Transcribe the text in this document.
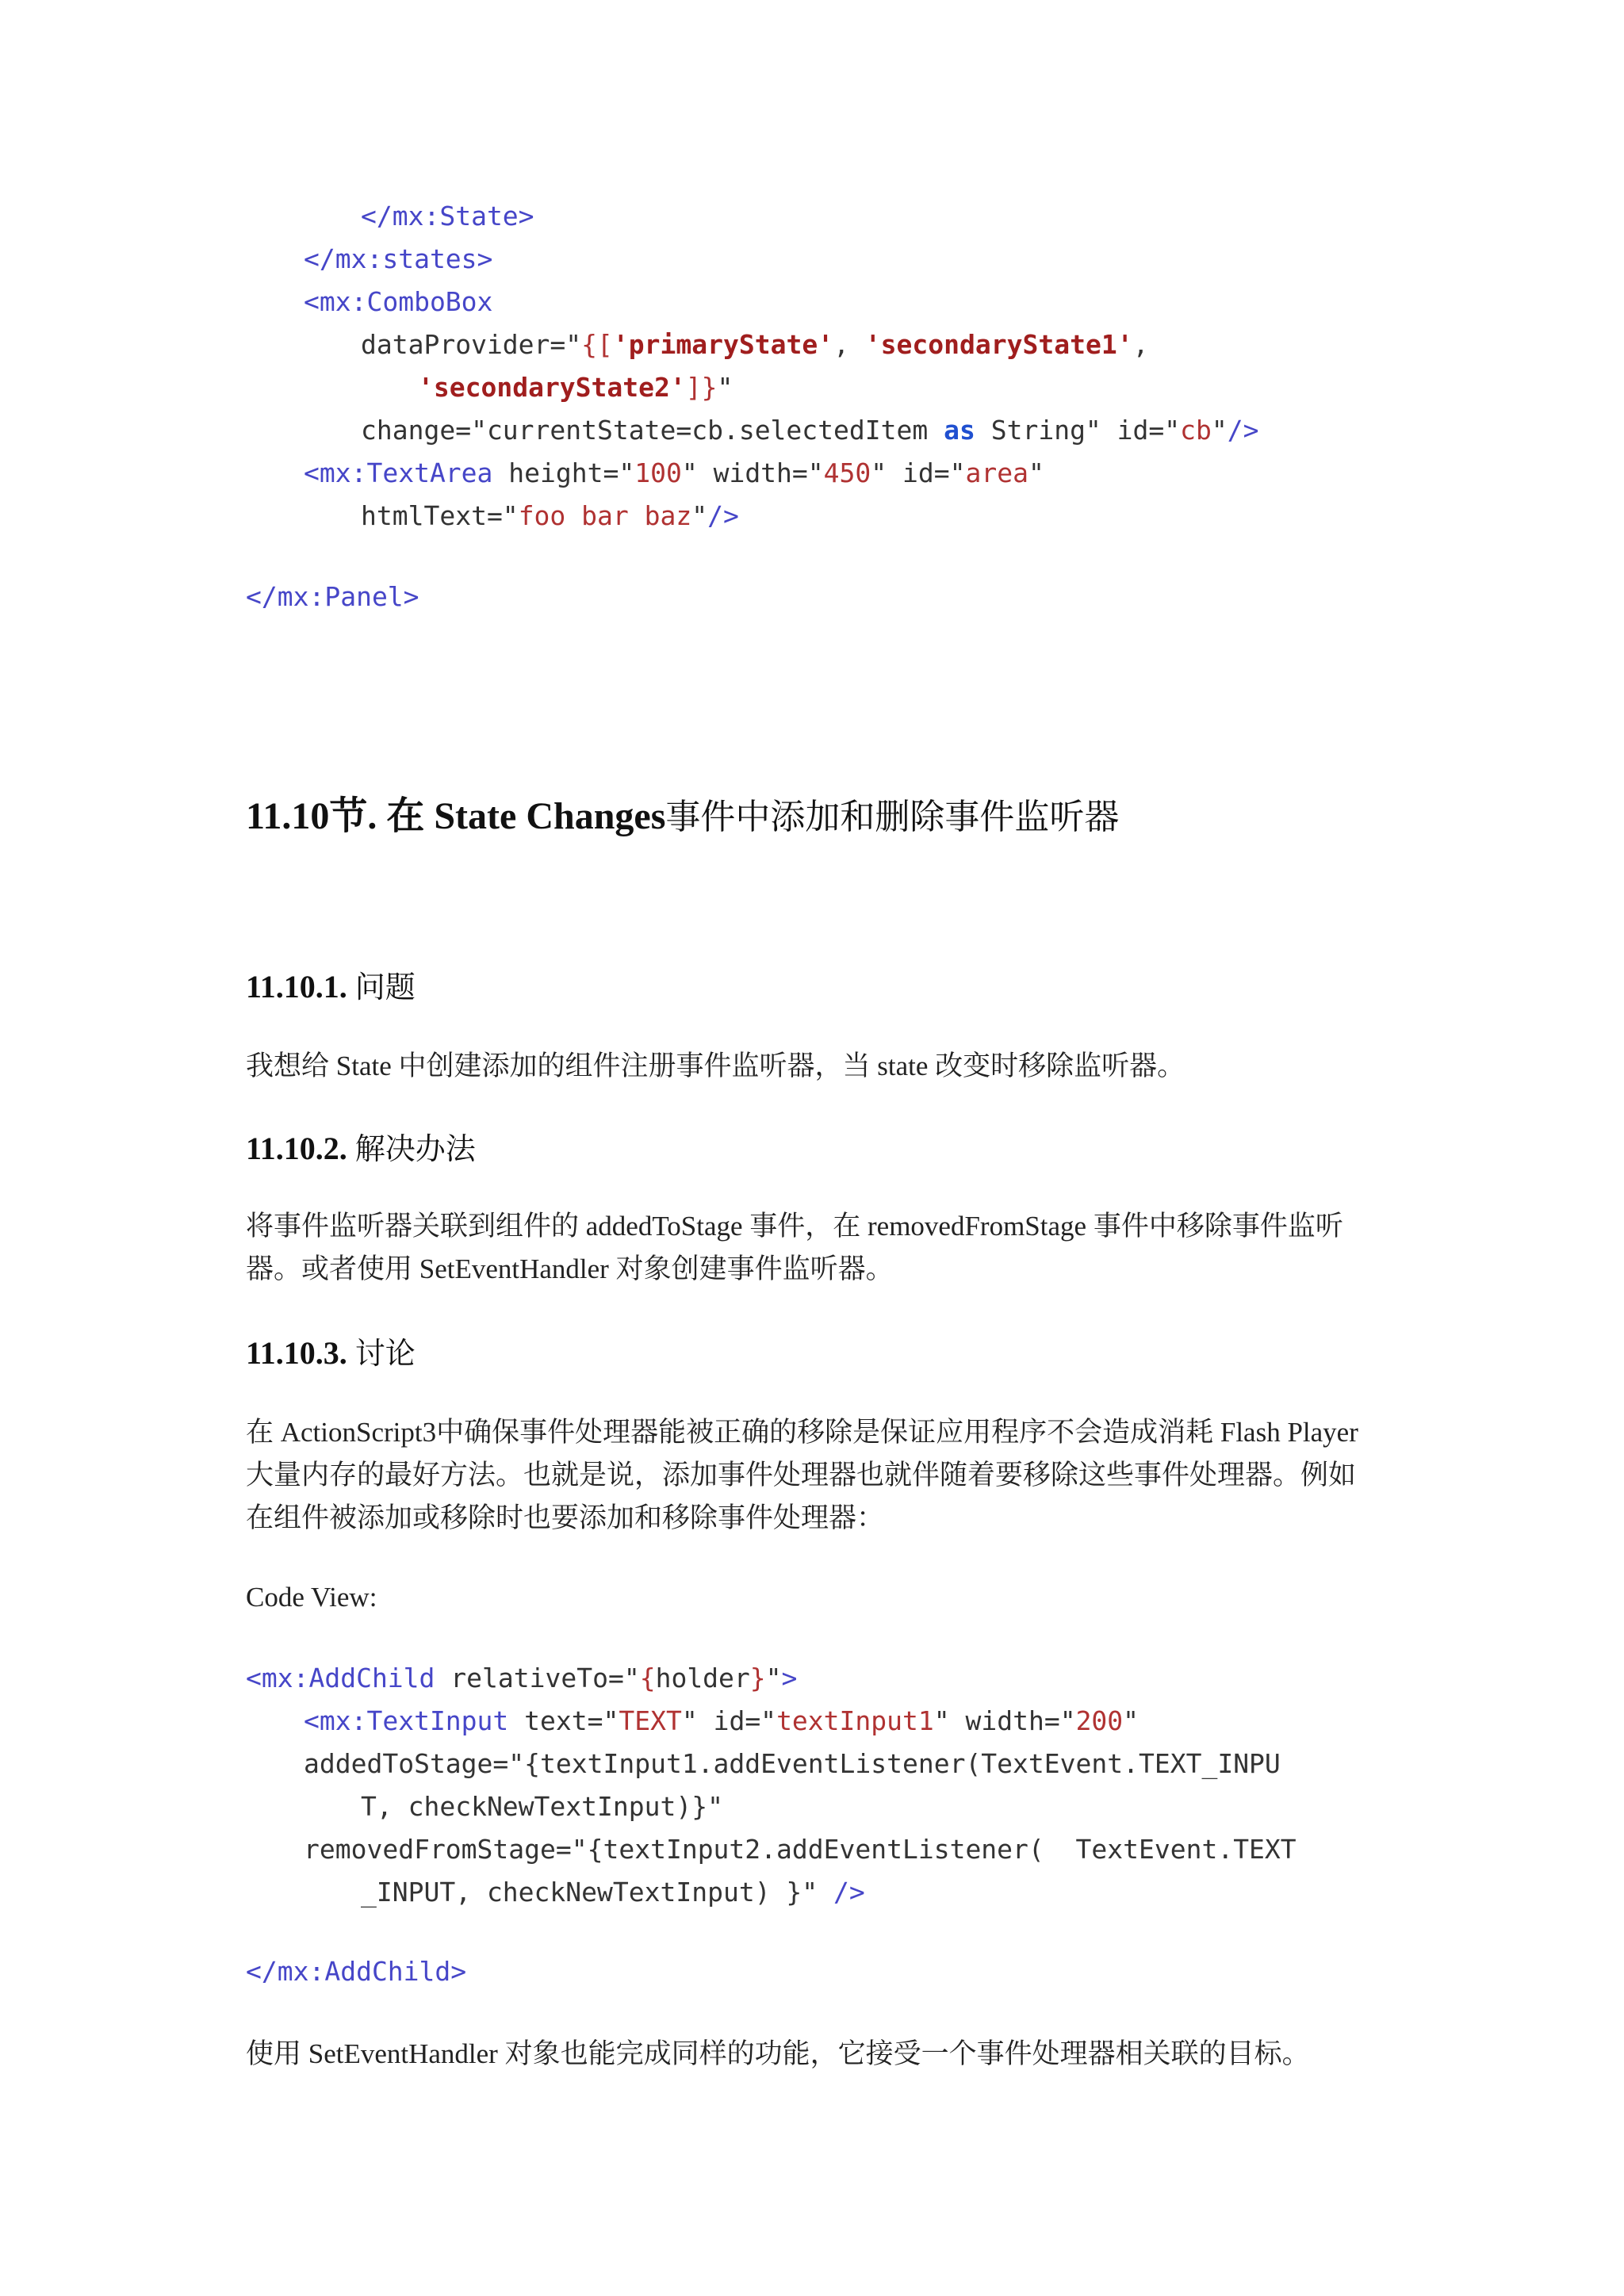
</mx:State>
</mx:states>
<mx:ComboBox
dataProvider="{['primaryState', 'secondaryState1',
'secondaryState2']}"
change="currentState=cb.selectedItem as String" id="cb"/>
<mx:TextArea height="100" width="450" id="area"
htmlText="foo bar baz"/>
</mx:Panel>
11.10节. 在 State Changes事件中添加和删除事件监听器
11.10.1. 问题
我想给 State 中创建添加的组件注册事件监听器，当 state 改变时移除监听器。
11.10.2. 解决办法
将事件监听器关联到组件的 addedToStage 事件，在 removedFromStage 事件中移除事件监听器。或者使用 SetEventHandler 对象创建事件监听器。
11.10.3. 讨论
在 ActionScript3中确保事件处理器能被正确的移除是保证应用程序不会造成消耗 Flash Player 大量内存的最好方法。也就是说，添加事件处理器也就伴随着要移除这些事件处理器。例如在组件被添加或移除时也要添加和移除事件处理器：
Code View:
<mx:AddChild relativeTo="{holder}">
<mx:TextInput text="TEXT" id="textInput1" width="200"
addedToStage="{textInput1.addEventListener(TextEvent.TEXT_INPU
T, checkNewTextInput)}"
removedFromStage="{textInput2.addEventListener(  TextEvent.TEXT
_INPUT, checkNewTextInput) }" />
</mx:AddChild>
使用 SetEventHandler 对象也能完成同样的功能，它接受一个事件处理器相关联的目标。
